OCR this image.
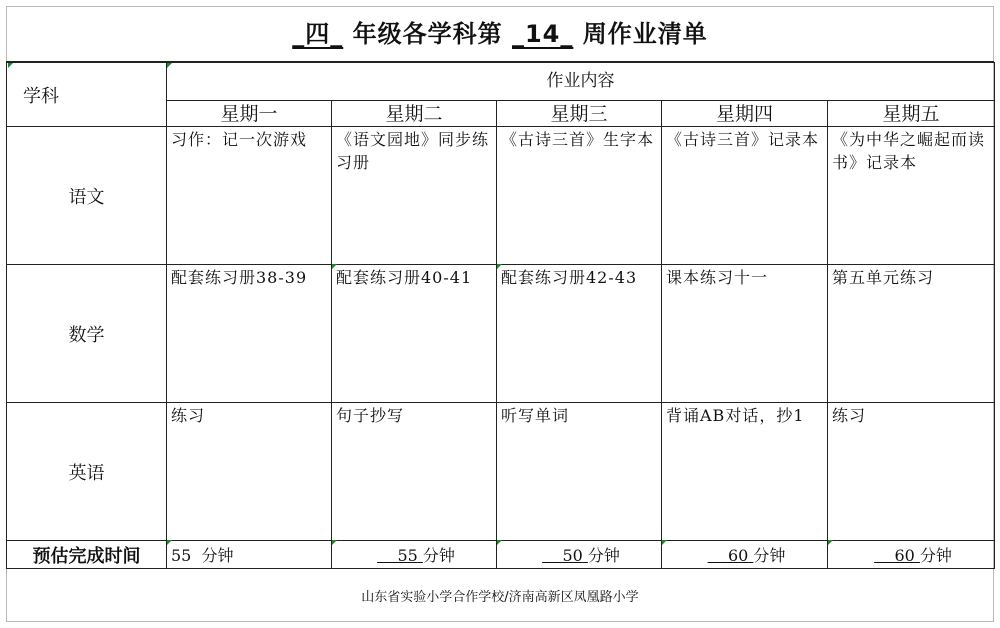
_四_ 年级各学科第 _14_ 周作业清单
学科	作业内容				
	星期一	星期二	星期三	星期四	星期五
语文	习作：记一次游戏	《语文园地》同步练习册	《古诗三首》生字本	《古诗三首》记录本	《为中华之崛起而读书》记录本
数学	配套练习册38-39	配套练习册40-41	配套练习册42-43	课本练习十一	第五单元练习
英语	练习	句子抄写	听写单词	背诵AB对话，抄1	练习
预估完成时间	55 分钟	55 分钟	50 分钟	60 分钟	60 分钟
山东省实验小学合作学校/济南高新区凤凰路小学
